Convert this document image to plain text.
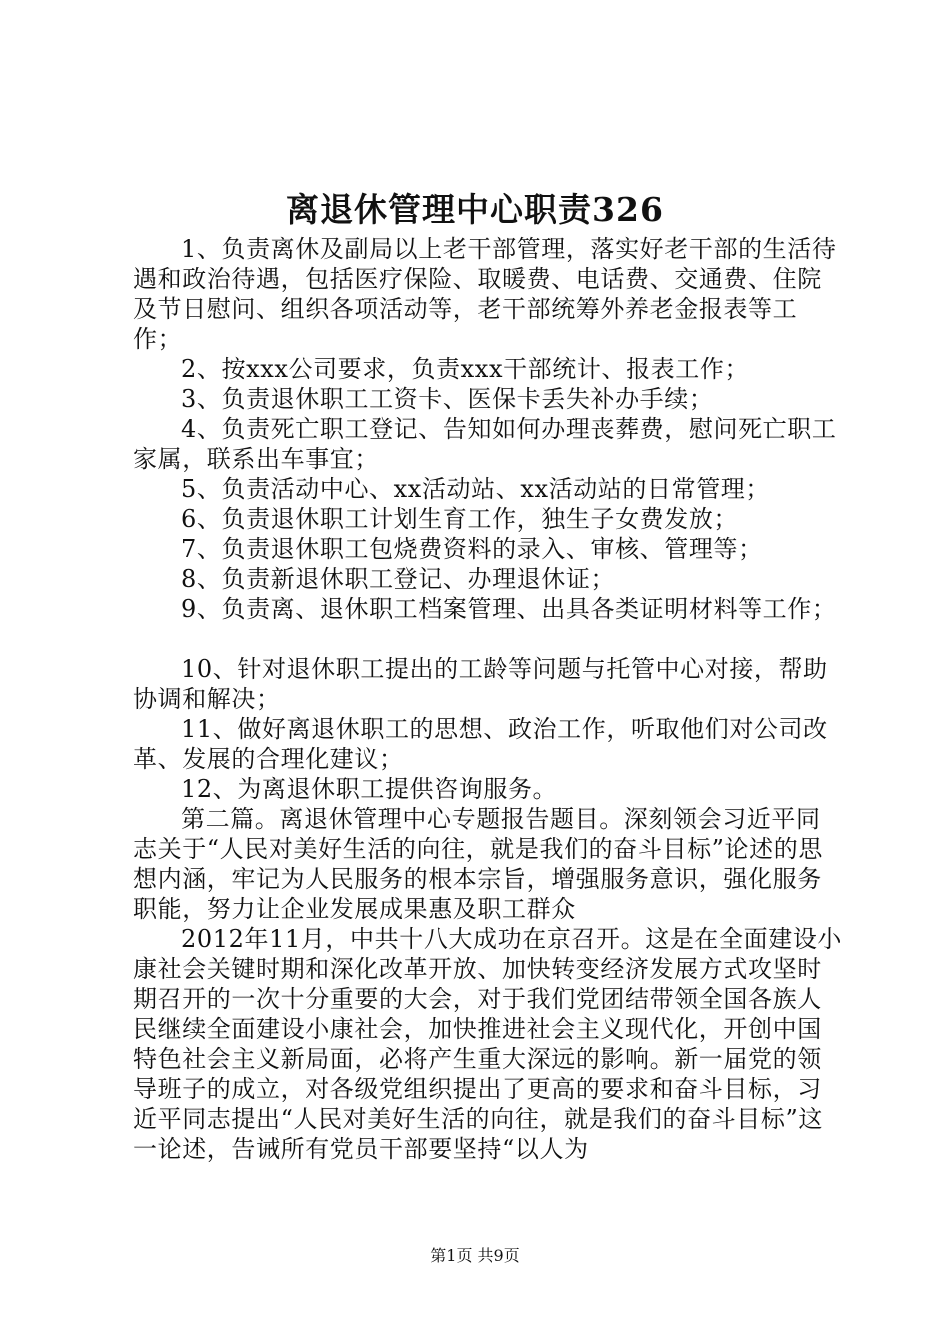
离退休管理中心职责326

1、负责离休及副局以上老干部管理，落实好老干部的生活待遇和政治待遇，包括医疗保险、取暖费、电话费、交通费、住院及节日慰问、组织各项活动等，老干部统筹外养老金报表等工作；

2、按xxx公司要求，负责xxx干部统计、报表工作；

3、负责退休职工工资卡、医保卡丢失补办手续；

4、负责死亡职工登记、告知如何办理丧葬费，慰问死亡职工家属，联系出车事宜；

5、负责活动中心、xx活动站、xx活动站的日常管理；

6、负责退休职工计划生育工作，独生子女费发放；

7、负责退休职工包烧费资料的录入、审核、管理等；

8、负责新退休职工登记、办理退休证；

9、负责离、退休职工档案管理、出具各类证明材料等工作；

10、针对退休职工提出的工龄等问题与托管中心对接，帮助协调和解决；

11、做好离退休职工的思想、政治工作，听取他们对公司改革、发展的合理化建议；

12、为离退休职工提供咨询服务。

第二篇。离退休管理中心专题报告题目。深刻领会习近平同志关于“人民对美好生活的向往，就是我们的奋斗目标”论述的思想内涵，牢记为人民服务的根本宗旨，增强服务意识，强化服务职能，努力让企业发展成果惠及职工群众

2012年11月，中共十八大成功在京召开。这是在全面建设小康社会关键时期和深化改革开放、加快转变经济发展方式攻坚时期召开的一次十分重要的大会，对于我们党团结带领全国各族人民继续全面建设小康社会，加快推进社会主义现代化，开创中国特色社会主义新局面，必将产生重大深远的影响。新一届党的领导班子的成立，对各级党组织提出了更高的要求和奋斗目标，习近平同志提出“人民对美好生活的向往，就是我们的奋斗目标”这一论述，告诫所有党员干部要坚持“以人为

第1页 共9页
